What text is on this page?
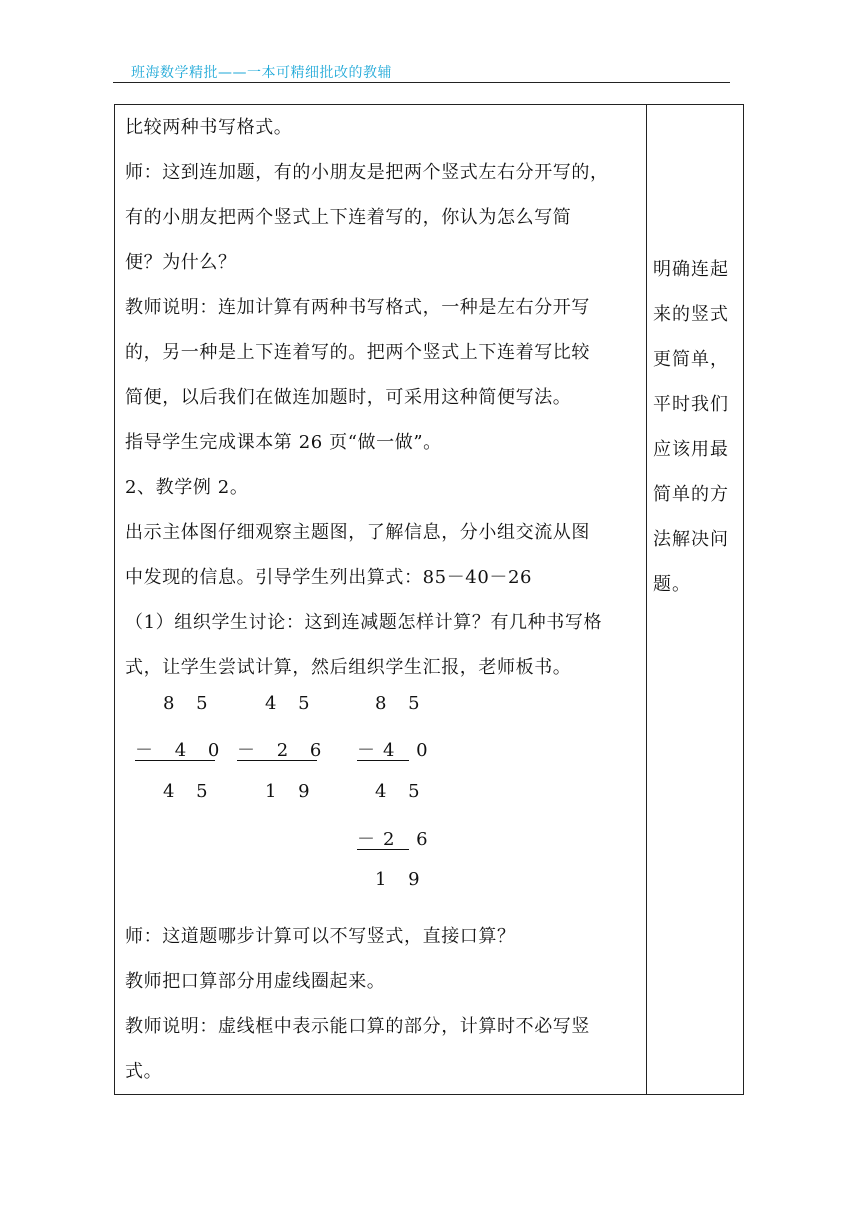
班海数学精批——一本可精细批改的教辅
比较两种书写格式。
师：这到连加题，有的小朋友是把两个竖式左右分开写的，
有的小朋友把两个竖式上下连着写的，你认为怎么写简
便？为什么？
教师说明：连加计算有两种书写格式，一种是左右分开写
的，另一种是上下连着写的。把两个竖式上下连着写比较
简便，以后我们在做连加题时，可采用这种简便写法。
指导学生完成课本第 26 页“做一做”。
2、教学例 2。
出示主体图仔细观察主题图，了解信息，分小组交流从图
中发现的信息。引导学生列出算式：85－40－26
（1）组织学生讨论：这到连减题怎样计算？有几种书写格
式，让学生尝试计算，然后组织学生汇报，老师板书。
8 5
－ 4 0
4 5
4 5
－ 2 6
1 9
8 5
－4 0
4 5
－2 6
1 9
师：这道题哪步计算可以不写竖式，直接口算？
教师把口算部分用虚线圈起来。
教师说明：虚线框中表示能口算的部分，计算时不必写竖
式。
明确连起
来的竖式
更简单，
平时我们
应该用最
简单的方
法解决问
题。
